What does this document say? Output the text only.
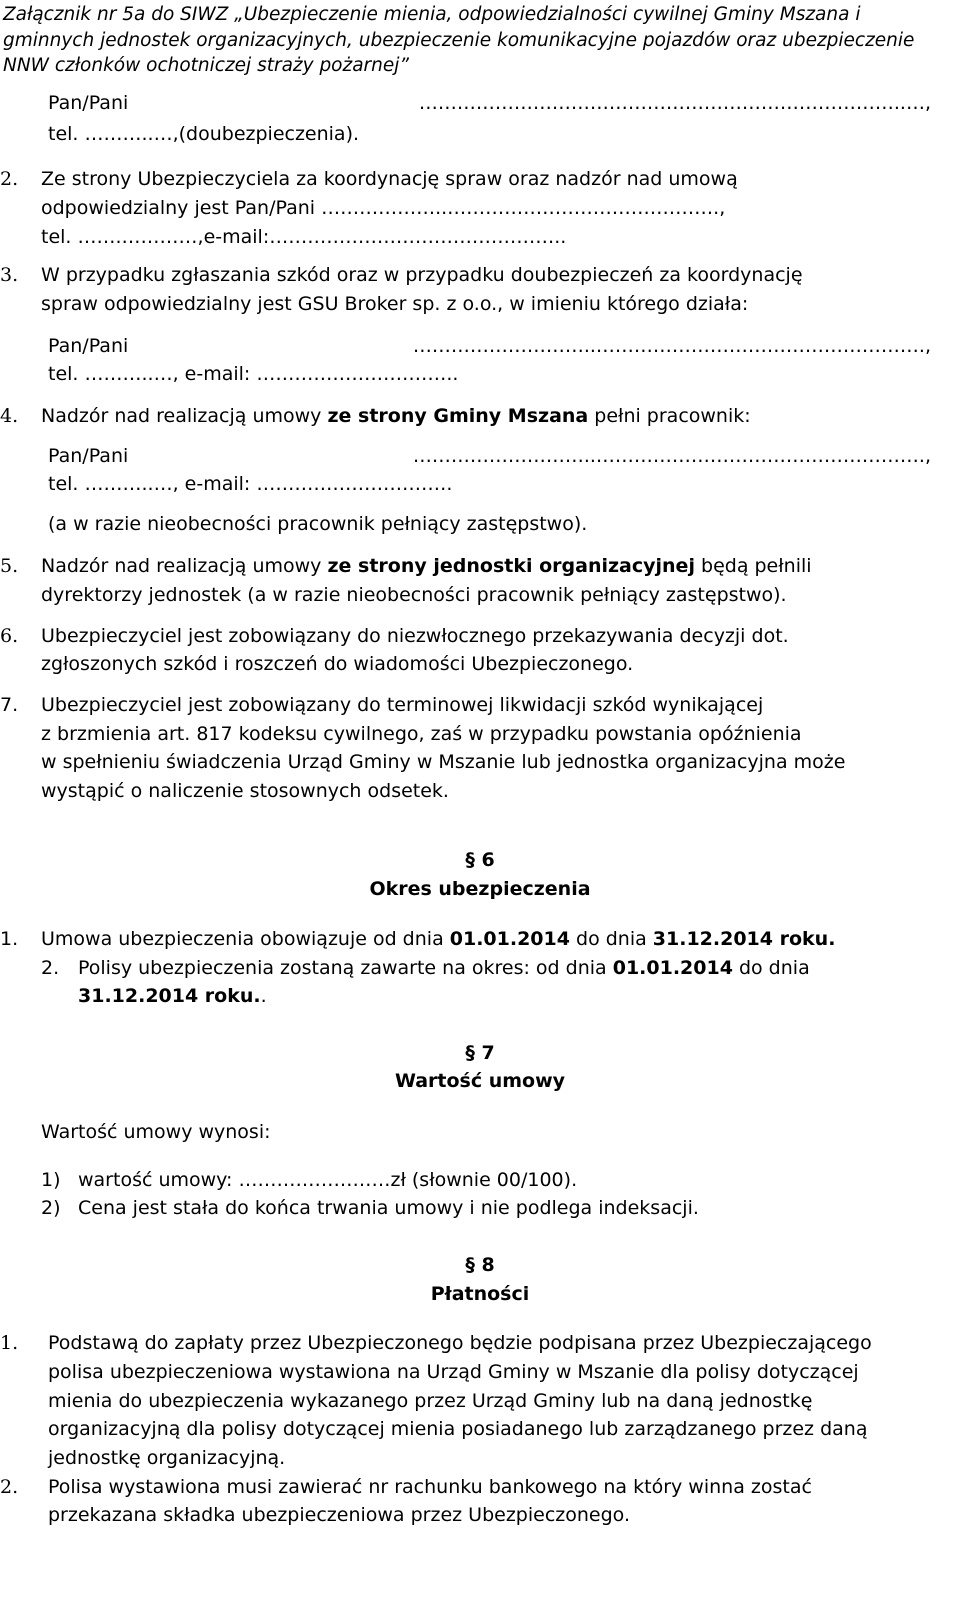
Załącznik nr 5a do SIWZ „Ubezpieczenie mienia, odpowiedzialności cywilnej Gminy Mszana i
gminnych jednostek organizacyjnych, ubezpieczenie komunikacyjne pojazdów oraz ubezpieczenie
NNW członków ochotniczej straży pożarnej”
Pan/Pani	…………………………………………………………………..…,
tel. ………..…,(doubezpieczenia).
2. Ze strony Ubezpieczyciela za koordynację spraw oraz nadzór nad umową
odpowiedzialny jest Pan/Pani ………………..…………………………………….,
tel. …….…………,e-mail:………………………………………..
3. W przypadku zgłaszania szkód oraz w przypadku doubezpieczeń za koordynację
spraw odpowiedzialny jest GSU Broker sp. z o.o., w imieniu którego działa:
Pan/Pani	………………………..…………………………………………….,
tel. ………..…, e-mail: …………………………..
4. Nadzór nad realizacją umowy ze strony Gminy Mszana pełni pracownik:
Pan/Pani	………………………..…………………………………………….,
tel. ………..…, e-mail: ………………………….
(a w razie nieobecności pracownik pełniący zastępstwo).
5. Nadzór nad realizacją umowy ze strony jednostki organizacyjnej będą pełnili
dyrektorzy jednostek (a w razie nieobecności pracownik pełniący zastępstwo).
6. Ubezpieczyciel jest zobowiązany do niezwłocznego przekazywania decyzji dot.
zgłoszonych szkód i roszczeń do wiadomości Ubezpieczonego.
7. Ubezpieczyciel jest zobowiązany do terminowej likwidacji szkód wynikającej
z brzmienia art. 817 kodeksu cywilnego, zaś w przypadku powstania opóźnienia
w spełnieniu świadczenia Urząd Gminy w Mszanie lub jednostka organizacyjna może
wystąpić o naliczenie stosownych odsetek.
§ 6
Okres ubezpieczenia
1. Umowa ubezpieczenia obowiązuje od dnia 01.01.2014 do dnia 31.12.2014 roku.
2. Polisy ubezpieczenia zostaną zawarte na okres: od dnia 01.01.2014 do dnia
31.12.2014 roku..
§ 7
Wartość umowy
Wartość umowy wynosi:
1) wartość umowy: ……………………zł (słownie 00/100).
2) Cena jest stała do końca trwania umowy i nie podlega indeksacji.
§ 8
Płatności
1. Podstawą do zapłaty przez Ubezpieczonego będzie podpisana przez Ubezpieczającego
polisa ubezpieczeniowa wystawiona na Urząd Gminy w Mszanie dla polisy dotyczącej
mienia do ubezpieczenia wykazanego przez Urząd Gminy lub na daną jednostkę
organizacyjną dla polisy dotyczącej mienia posiadanego lub zarządzanego przez daną
jednostkę organizacyjną.
2. Polisa wystawiona musi zawierać nr rachunku bankowego na który winna zostać
przekazana składka ubezpieczeniowa przez Ubezpieczonego.
